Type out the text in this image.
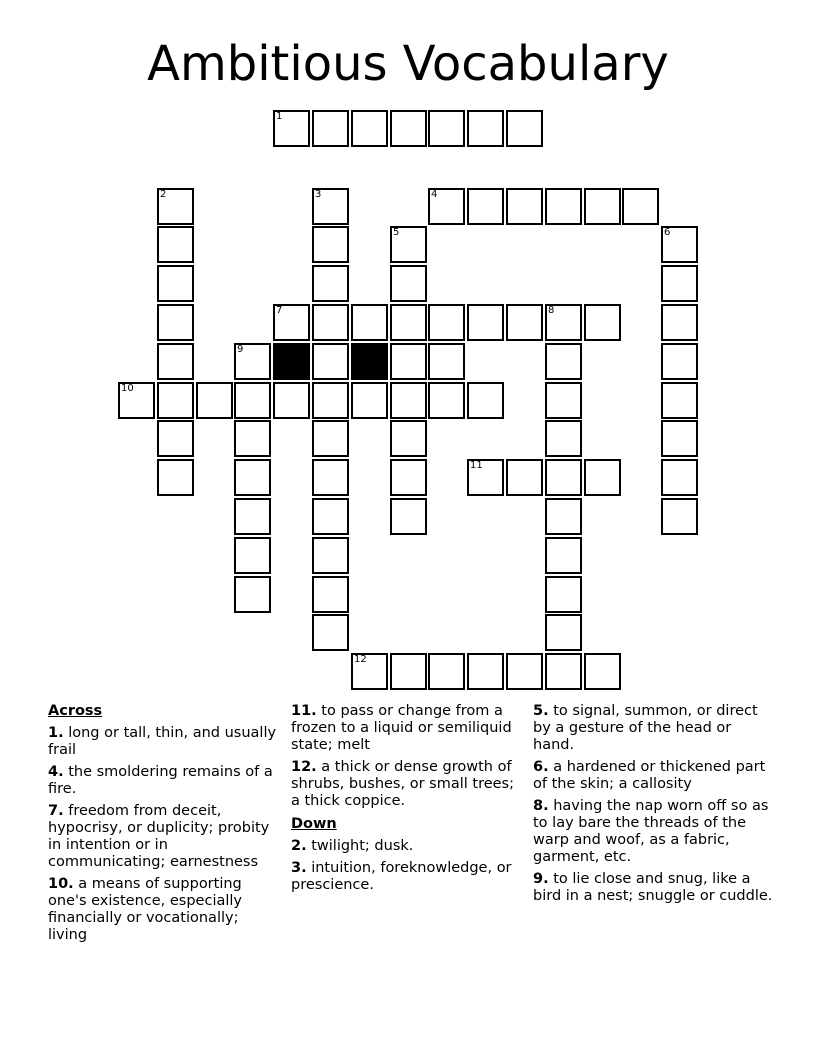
Ambitious Vocabulary
1
4
7	8
10
11
12
2	3
5	6
9
Across
1. long or tall, thin, and usually frail
4. the smoldering remains of a fire.
7. freedom from deceit, hypocrisy, or duplicity; probity in intention or in communicating; earnestness
10. a means of supporting one's existence, especially financially or vocationally; living
11. to pass or change from a frozen to a liquid or semiliquid state; melt
12. a thick or dense growth of shrubs, bushes, or small trees; a thick coppice.
Down
2. twilight; dusk.
3. intuition, foreknowledge, or prescience.
5. to signal, summon, or direct by a gesture of the head or hand.
6. a hardened or thickened part of the skin; a callosity
8. having the nap worn off so as to lay bare the threads of the warp and woof, as a fabric, garment, etc.
9. to lie close and snug, like a bird in a nest; snuggle or cuddle.
